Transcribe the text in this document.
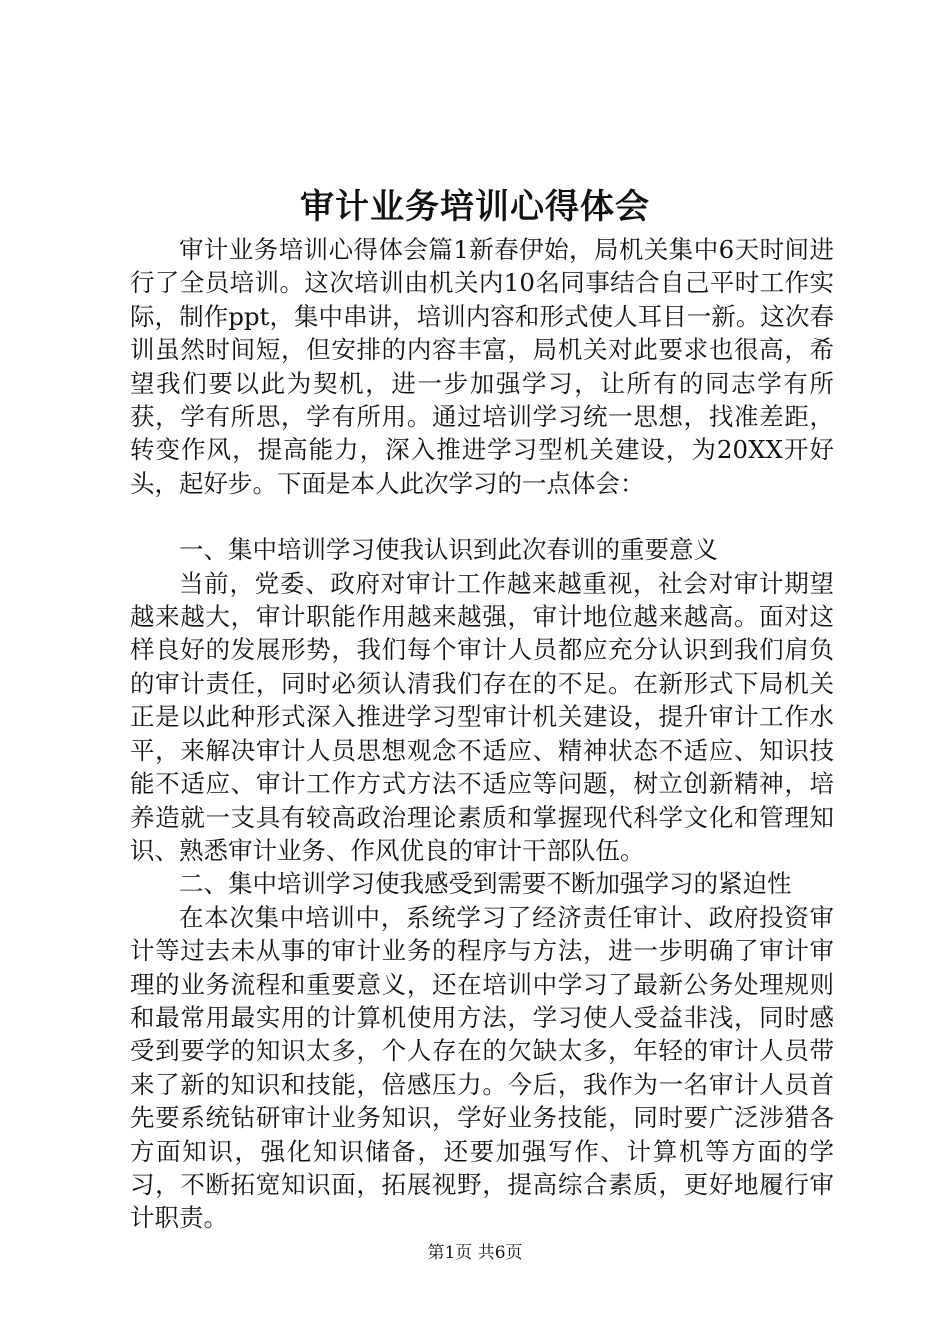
审计业务培训心得体会

审计业务培训心得体会篇1新春伊始，局机关集中6天时间进行了全员培训。这次培训由机关内10名同事结合自己平时工作实际，制作ppt，集中串讲，培训内容和形式使人耳目一新。这次春训虽然时间短，但安排的内容丰富，局机关对此要求也很高，希望我们要以此为契机，进一步加强学习，让所有的同志学有所获，学有所思，学有所用。通过培训学习统一思想，找准差距，转变作风，提高能力，深入推进学习型机关建设，为20XX开好头，起好步。下面是本人此次学习的一点体会：

一、集中培训学习使我认识到此次春训的重要意义

当前，党委、政府对审计工作越来越重视，社会对审计期望越来越大，审计职能作用越来越强，审计地位越来越高。面对这样良好的发展形势，我们每个审计人员都应充分认识到我们肩负的审计责任，同时必须认清我们存在的不足。在新形式下局机关正是以此种形式深入推进学习型审计机关建设，提升审计工作水平，来解决审计人员思想观念不适应、精神状态不适应、知识技能不适应、审计工作方式方法不适应等问题，树立创新精神，培养造就一支具有较高政治理论素质和掌握现代科学文化和管理知识、熟悉审计业务、作风优良的审计干部队伍。

二、集中培训学习使我感受到需要不断加强学习的紧迫性

在本次集中培训中，系统学习了经济责任审计、政府投资审计等过去未从事的审计业务的程序与方法，进一步明确了审计审理的业务流程和重要意义，还在培训中学习了最新公务处理规则和最常用最实用的计算机使用方法，学习使人受益非浅，同时感受到要学的知识太多，个人存在的欠缺太多，年轻的审计人员带来了新的知识和技能，倍感压力。今后，我作为一名审计人员首先要系统钻研审计业务知识，学好业务技能，同时要广泛涉猎各方面知识，强化知识储备，还要加强写作、计算机等方面的学习，不断拓宽知识面，拓展视野，提高综合素质，更好地履行审计职责。

第1页 共6页
